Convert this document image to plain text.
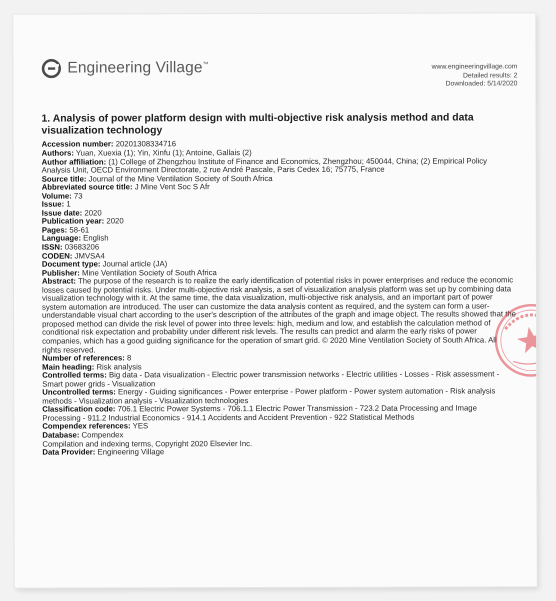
Engineering Village™	www.engineeringvillage.com
Detailed results: 2
Downloaded: 5/14/2020
1. Analysis of power platform design with multi-objective risk analysis method and data visualization technology
Accession number: 20201308334716
Authors: Yuan, Xuexia (1); Yin, Xinfu (1); Antoine, Gallais (2)
Author affiliation: (1) College of Zhengzhou Institute of Finance and Economics, Zhengzhou; 450044, China; (2) Empirical Policy Analysis Unit, OECD Environment Directorate, 2 rue André Pascale, Paris Cedex 16; 75775, France
Source title: Journal of the Mine Ventilation Society of South Africa
Abbreviated source title: J Mine Vent Soc S Afr
Volume: 73
Issue: 1
Issue date: 2020
Publication year: 2020
Pages: 58-61
Language: English
ISSN: 03683206
CODEN: JMVSA4
Document type: Journal article (JA)
Publisher: Mine Ventilation Society of South Africa
Abstract: The purpose of the research is to realize the early identification of potential risks in power enterprises and reduce the economic losses caused by potential risks. Under multi-objective risk analysis, a set of visualization analysis platform was set up by combining data visualization technology with it. At the same time, the data visualization, multi-objective risk analysis, and an important part of power system automation are introduced. The user can customize the data analysis content as required, and the system can form a user-understandable visual chart according to the user's description of the attributes of the graph and image object. The results showed that the proposed method can divide the risk level of power into three levels: high, medium and low, and establish the calculation method of conditional risk expectation and probability under different risk levels. The results can predict and alarm the early risks of power companies, which has a good guiding significance for the operation of smart grid. © 2020 Mine Ventilation Society of South Africa. All rights reserved.
Number of references: 8
Main heading: Risk analysis
Controlled terms: Big data - Data visualization - Electric power transmission networks - Electric utilities - Losses - Risk assessment - Smart power grids - Visualization
Uncontrolled terms: Energy - Guiding significances - Power enterprise - Power platform - Power system automation - Risk analysis methods - Visualization analysis - Visualization technologies
Classification code: 706.1 Electric Power Systems - 706.1.1 Electric Power Transmission - 723.2 Data Processing and Image Processing - 911.2 Industrial Economics - 914.1 Accidents and Accident Prevention - 922 Statistical Methods
Compendex references: YES
Database: Compendex
Compilation and indexing terms, Copyright 2020 Elsevier Inc.
Data Provider: Engineering Village
